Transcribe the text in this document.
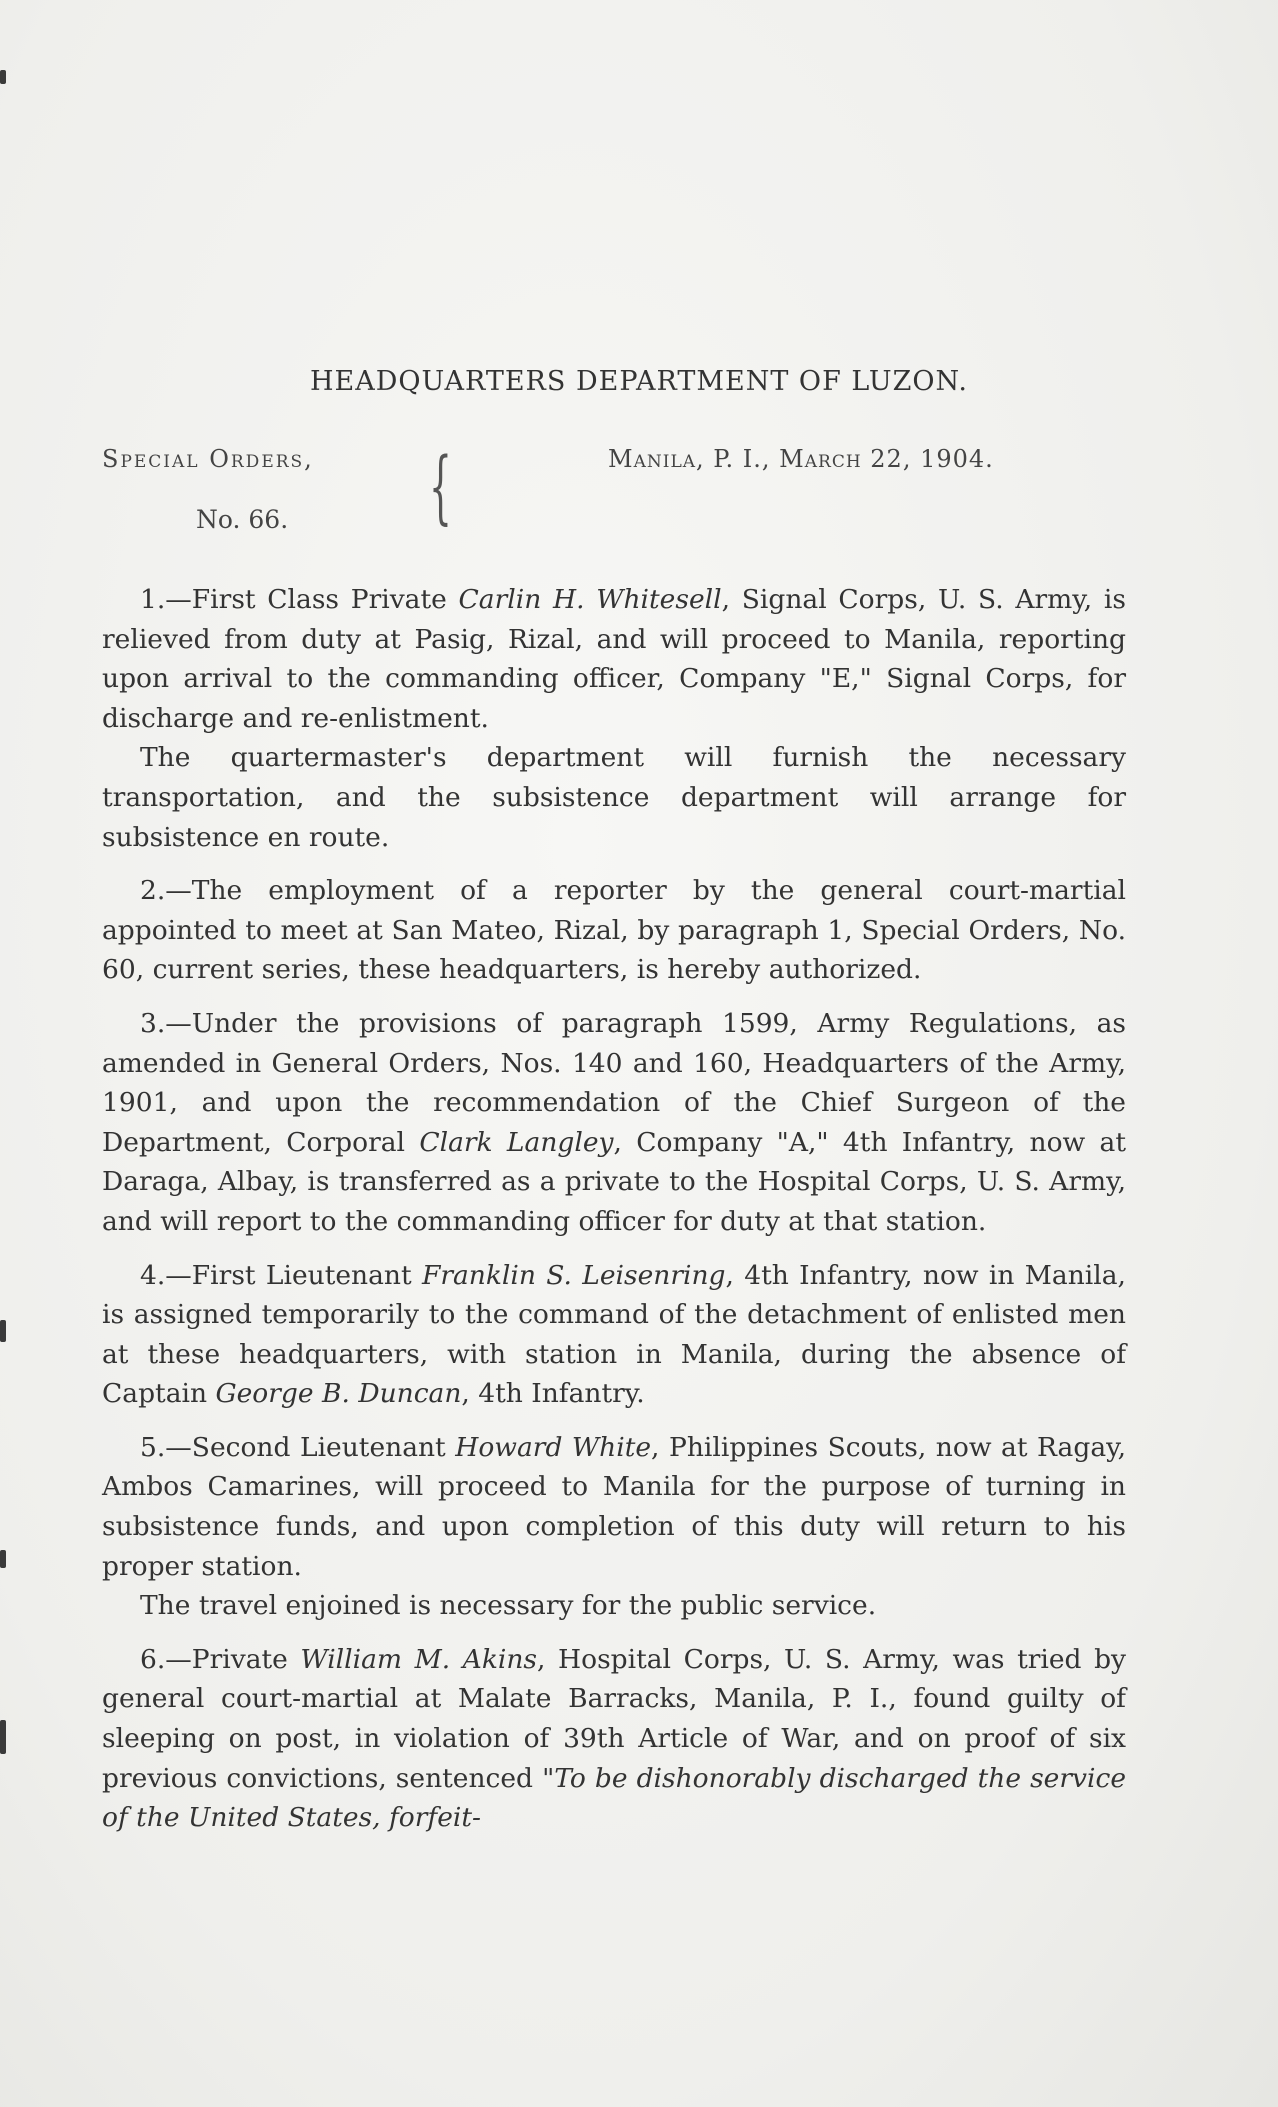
HEADQUARTERS DEPARTMENT OF LUZON.
Special Orders,
No. 66. {	Manila, P. I., March 22, 1904.

1.—First Class Private Carlin H. Whitesell, Signal Corps, U. S. Army, is relieved from duty at Pasig, Rizal, and will proceed to Manila, reporting upon arrival to the commanding officer, Company "E," Signal Corps, for discharge and re-enlistment.

The quartermaster's department will furnish the necessary transportation, and the subsistence department will arrange for subsistence en route.

2.—The employment of a reporter by the general court-martial appointed to meet at San Mateo, Rizal, by paragraph 1, Special Orders, No. 60, current series, these headquarters, is hereby authorized.

3.—Under the provisions of paragraph 1599, Army Regulations, as amended in General Orders, Nos. 140 and 160, Headquarters of the Army, 1901, and upon the recommendation of the Chief Surgeon of the Department, Corporal Clark Langley, Company "A," 4th Infantry, now at Daraga, Albay, is transferred as a private to the Hospital Corps, U. S. Army, and will report to the commanding officer for duty at that station.

4.—First Lieutenant Franklin S. Leisenring, 4th Infantry, now in Manila, is assigned temporarily to the command of the detachment of enlisted men at these headquarters, with station in Manila, during the absence of Captain George B. Duncan, 4th Infantry.

5.—Second Lieutenant Howard White, Philippines Scouts, now at Ragay, Ambos Camarines, will proceed to Manila for the purpose of turning in subsistence funds, and upon completion of this duty will return to his proper station.

The travel enjoined is necessary for the public service.

6.—Private William M. Akins, Hospital Corps, U. S. Army, was tried by general court-martial at Malate Barracks, Manila, P. I., found guilty of sleeping on post, in violation of 39th Article of War, and on proof of six previous convictions, sentenced "To be dishonorably discharged the service of the United States, forfeit-
